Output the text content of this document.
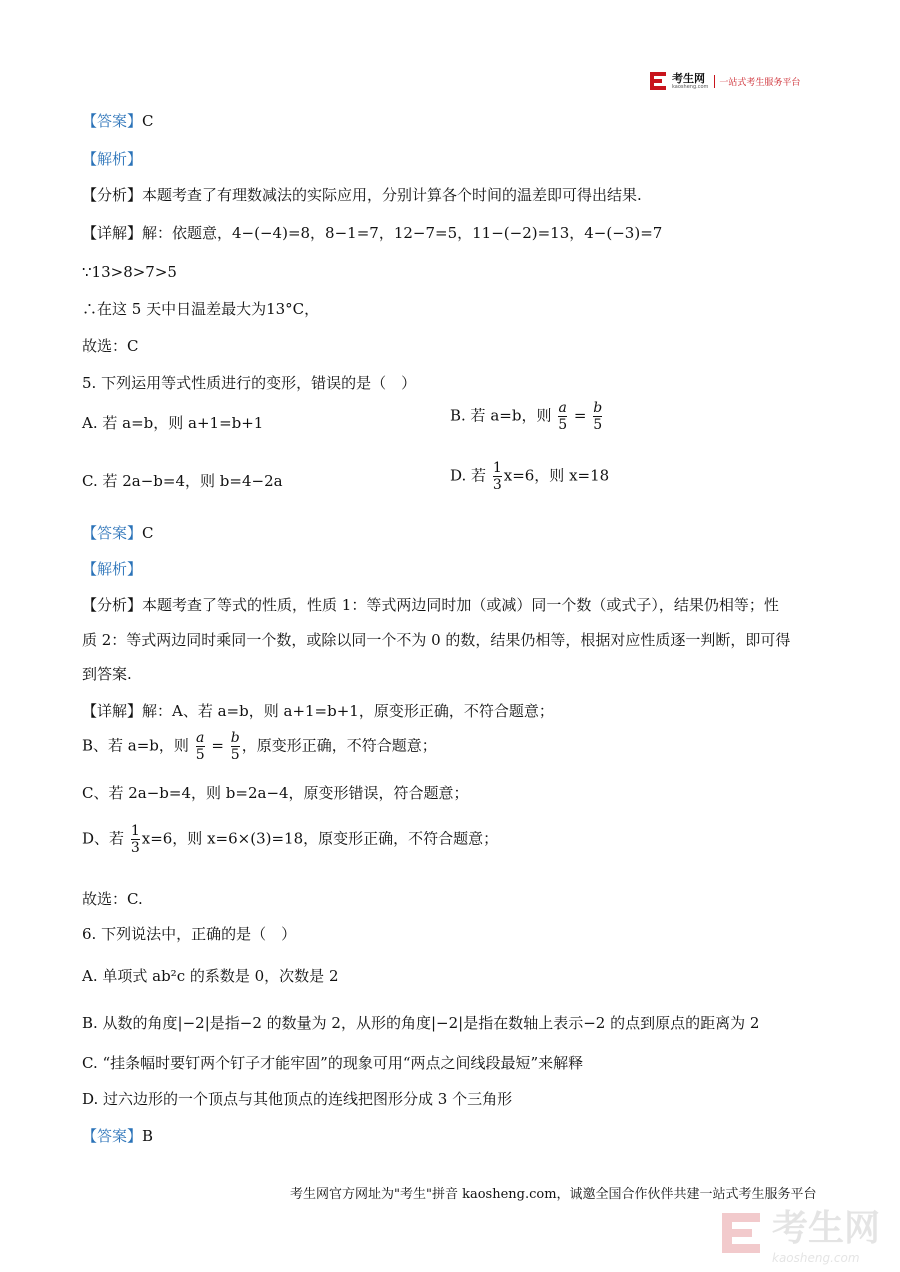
考生网
kaosheng.com	一站式考生服务平台
【答案】C
【解析】
【分析】本题考查了有理数减法的实际应用，分别计算各个时间的温差即可得出结果.
【详解】解：依题意，4−(−4)=8，8−1=7，12−7=5，11−(−2)=13，4−(−3)=7
∵13>8>7>5
∴在这 5 天中日温差最大为13°C，
故选：C
5. 下列运用等式性质进行的变形，错误的是（　）
A. 若 a=b，则 a+1=b+1	B. 若 a=b，则 $\frac{a}{5} = \frac{b}{5}$
C. 若 2a−b=4，则 b=4−2a	D. 若 $\frac{1}{3} x=6$，则 x=18
【答案】C
【解析】
【分析】本题考查了等式的性质，性质 1：等式两边同时加（或减）同一个数（或式子），结果仍相等；性
质 2：等式两边同时乘同一个数，或除以同一个不为 0 的数，结果仍相等，根据对应性质逐一判断，即可得
到答案.
【详解】解：A、若 a=b，则 a+1=b+1，原变形正确，不符合题意；
B、若 a=b，则 $\frac{a}{5} = \frac{b}{5}$ ，原变形正确，不符合题意；
C、若 2a−b=4，则 b=2a−4，原变形错误，符合题意；
D、若 $\frac{1}{3} x=6$，则 x=6×(3)=18，原变形正确，不符合题意；
故选：C.
6. 下列说法中，正确的是（　）
A. 单项式 ab²c 的系数是 0，次数是 2
B. 从数的角度|−2|是指−2 的数量为 2，从形的角度|−2|是指在数轴上表示−2 的点到原点的距离为 2
C. “挂条幅时要钉两个钉子才能牢固”的现象可用“两点之间线段最短”来解释
D. 过六边形的一个顶点与其他顶点的连线把图形分成 3 个三角形
【答案】B
考生网官方网址为"考生"拼音 kaosheng.com，诚邀全国合作伙伴共建一站式考生服务平台
考生网
kaosheng.com
